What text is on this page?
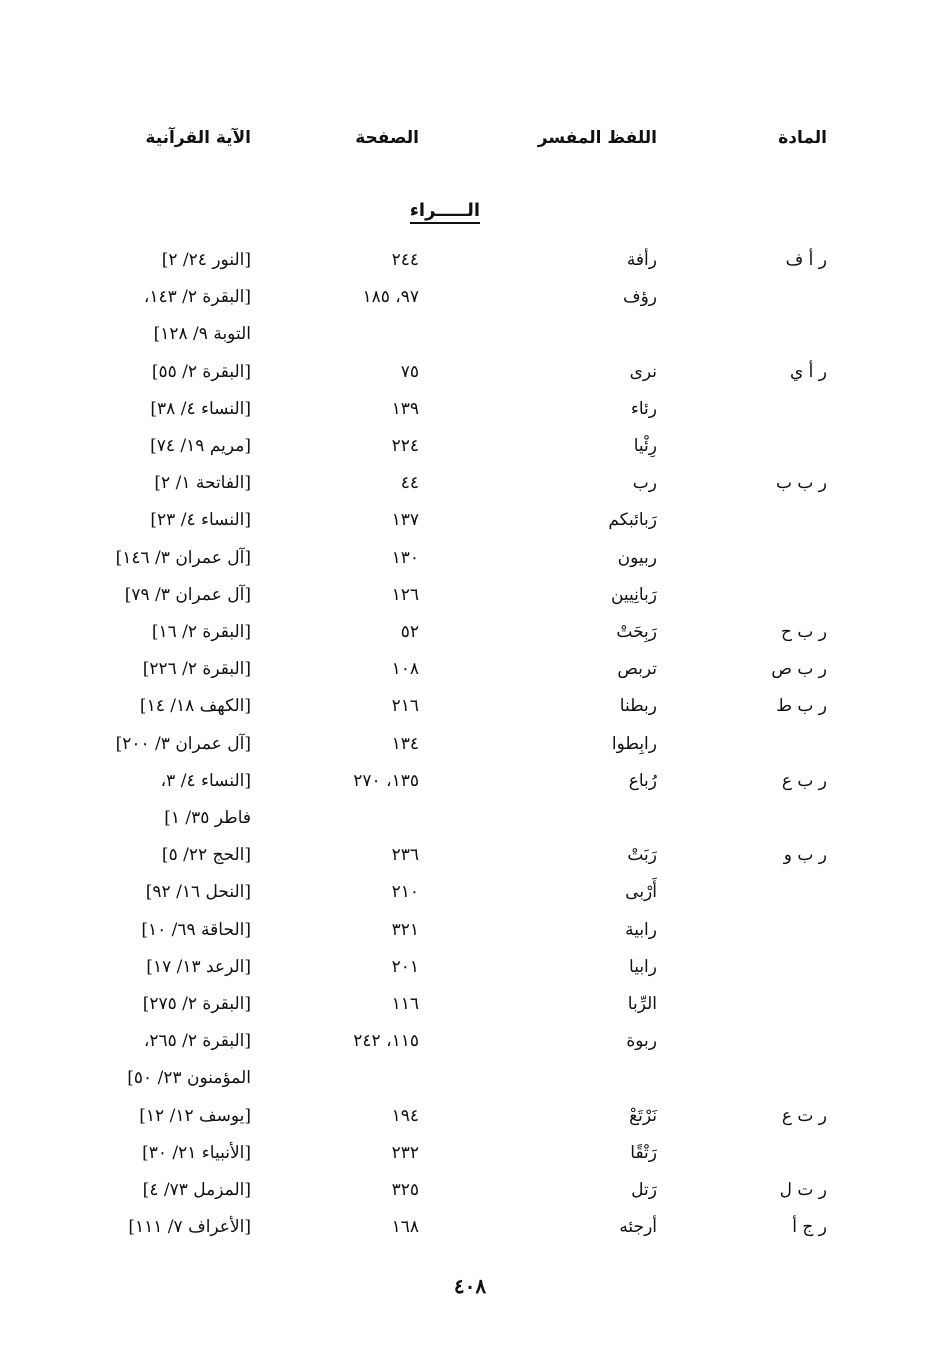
المادة
اللفظ المفسر
الصفحة
الآية القرآنية
الـــــراء
ر أ ف
رأفة
٢٤٤
[النور ٢٤/ ٢]
رؤف
٩٧، ١٨٥
[البقرة ٢/ ١٤٣،
التوبة ٩/ ١٢٨]
ر أ ي
نرى
٧٥
[البقرة ٢/ ٥٥]
رئاء
١٣٩
[النساء ٤/ ٣٨]
رِئْيا
٢٢٤
[مريم ١٩/ ٧٤]
ر ب ب
رب
٤٤
[الفاتحة ١/ ٢]
رَبائبكم
١٣٧
[النساء ٤/ ٢٣]
ربيون
١٣٠
[آل عمران ٣/ ١٤٦]
رَبانِيين
١٢٦
[آل عمران ٣/ ٧٩]
ر ب ح
رَبِحَتْ
٥٢
[البقرة ٢/ ١٦]
ر ب ص
تربص
١٠٨
[البقرة ٢/ ٢٢٦]
ر ب ط
ربطنا
٢١٦
[الكهف ١٨/ ١٤]
رابِطوا
١٣٤
[آل عمران ٣/ ٢٠٠]
ر ب ع
رُباع
١٣٥، ٢٧٠
[النساء ٤/ ٣،
فاطر ٣٥/ ١]
ر ب و
رَبَتْ
٢٣٦
[الحج ٢٢/ ٥]
أَرْبى
٢١٠
[النحل ١٦/ ٩٢]
رابية
٣٢١
[الحاقة ٦٩/ ١٠]
رابيا
٢٠١
[الرعد ١٣/ ١٧]
الرِّبا
١١٦
[البقرة ٢/ ٢٧٥]
ربوة
١١٥، ٢٤٢
[البقرة ٢/ ٢٦٥،
المؤمنون ٢٣/ ٥٠]
ر ت ع
نَرْتَعْ
١٩٤
[يوسف ١٢/ ١٢]
رَتْقًا
٢٣٢
[الأنبياء ٢١/ ٣٠]
ر ت ل
رَتل
٣٢٥
[المزمل ٧٣/ ٤]
ر ج أ
أرجئه
١٦٨
[الأعراف ٧/ ١١١]
٤٠٨
